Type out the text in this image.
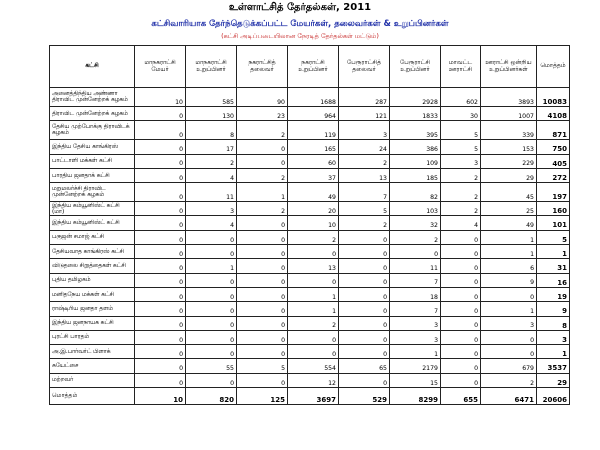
உள்ளாட்சித் தேர்தல்கள், 2011
கட்சிவாரியாக தேர்ந்தெடுக்கப்பட்ட மேயர்கள், தலைவர்கள் & உறுப்பினர்கள்
(கட்சி அடிப்படையிலான நேரடித் தேர்தல்கள் மட்டும்)
கட்சி	மாநகராட்சி மேயர்	மாநகராட்சி உறுப்பினர்	நகராட்சித் தலைவர்	நகராட்சி உறுப்பினர்	பேரூராட்சித் தலைவர்	பேரூராட்சி உறுப்பினர்	மாவட்ட ஊராட்சி	ஊராட்சி ஒன்றிய உறுப்பினர்கள்	மொத்தம்
அனைத்திந்திய அண்ணா திராவிட முன்னேற்றக் கழகம்	10	585	90	1688	287	2928	602	3893	10083
திராவிட முன்னேற்றக் கழகம்	0	130	23	964	121	1833	30	1007	4108
தேசிய முற்போக்கு திராவிடக் கழகம்	0	8	2	119	3	395	5	339	871
இந்திய தேசிய காங்கிரஸ்	0	17	0	165	24	386	5	153	750
பாட்டாளி மக்கள் கட்சி	0	2	0	60	2	109	3	229	405
பாரதிய ஜனதாக் கட்சி	0	4	2	37	13	185	2	29	272
மறுமலர்ச்சி திராவிட முன்னேற்றக் கழகம்	0	11	1	49	7	82	2	45	197
இந்திய கம்யூனிஸ்ட் கட்சி (மா)	0	3	2	20	5	103	2	25	160
இந்திய கம்யூனிஸ்ட் கட்சி	0	4	0	10	2	32	4	49	101
பகுஜன் சமாஜ் கட்சி	0	0	0	2	0	2	0	1	5
தேசியவாத காங்கிரஸ் கட்சி	0	0	0	0	0	0	0	1	1
விடுதலை சிறுத்தைகள் கட்சி	0	1	0	13	0	11	0	6	31
புதிய தமிழகம்	0	0	0	0	0	7	0	9	16
மனிதநேய மக்கள் கட்சி	0	0	0	1	0	18	0	0	19
ராஷ்டிரிய ஜனதா தளம்	0	0	0	1	0	7	0	1	9
இந்திய ஜனநாயக கட்சி	0	0	0	2	0	3	0	3	8
புரட்சி பாரதம்	0	0	0	0	0	3	0	0	3
அ.இ.பார்வர்ட் பிளாக்	0	0	0	0	0	1	0	0	1
சுயேட்சை	0	55	5	554	65	2179	0	679	3537
மற்றவர்	0	0	0	12	0	15	0	2	29
மொத்தம்	10	820	125	3697	529	8299	655	6471	20606
